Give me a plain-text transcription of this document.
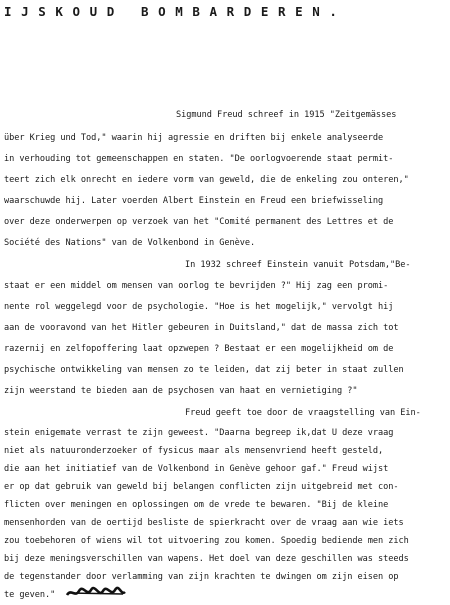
IJSKOUD BOMBARDEREN.
Sigmund Freud schreef in 1915 "Zeitgemässes
über Krieg und Tod," waarin hij agressie en driften bij enkele analyseerde
in verhouding tot gemeenschappen en staten. "De oorlogvoerende staat permit-
teert zich elk onrecht en iedere vorm van geweld, die de enkeling zou onteren,"
waarschuwde hij. Later voerden Albert Einstein en Freud een briefwisseling
over deze onderwerpen op verzoek van het "Comité permanent des Lettres et de
Société des Nations" van de Volkenbond in Genève.
In 1932 schreef Einstein vanuit Potsdam,"Be-
staat er een middel om mensen van oorlog te bevrijden ?" Hij zag een promi-
nente rol weggelegd voor de psychologie. "Hoe is het mogelijk," vervolgt hij
aan de vooravond van het Hitler gebeuren in Duitsland," dat de massa zich tot
razernij en zelfopoffering laat opzwepen ? Bestaat er een mogelijkheid om de
psychische ontwikkeling van mensen zo te leiden, dat zij beter in staat zullen
zijn weerstand te bieden aan de psychosen van haat en vernietiging ?"
Freud geeft toe door de vraagstelling van Ein-
stein enigemate verrast te zijn geweest. "Daarna begreep ik,dat U deze vraag
niet als natuuronderzoeker of fysicus maar als mensenvriend heeft gesteld,
die aan het initiatief van de Volkenbond in Genève gehoor gaf." Freud wijst
er op dat gebruik van geweld bij belangen conflicten zijn uitgebreid met con-
flicten over meningen en oplossingen om de vrede te bewaren. "Bij de kleine
mensenhorden van de oertijd besliste de spierkracht over de vraag aan wie iets
zou toebehoren of wiens wil tot uitvoering zou komen. Spoedig bediende men zich
bij deze meningsverschillen van wapens. Het doel van deze geschillen was steeds
de tegenstander door verlamming van zijn krachten te dwingen om zijn eisen op
te geven."
